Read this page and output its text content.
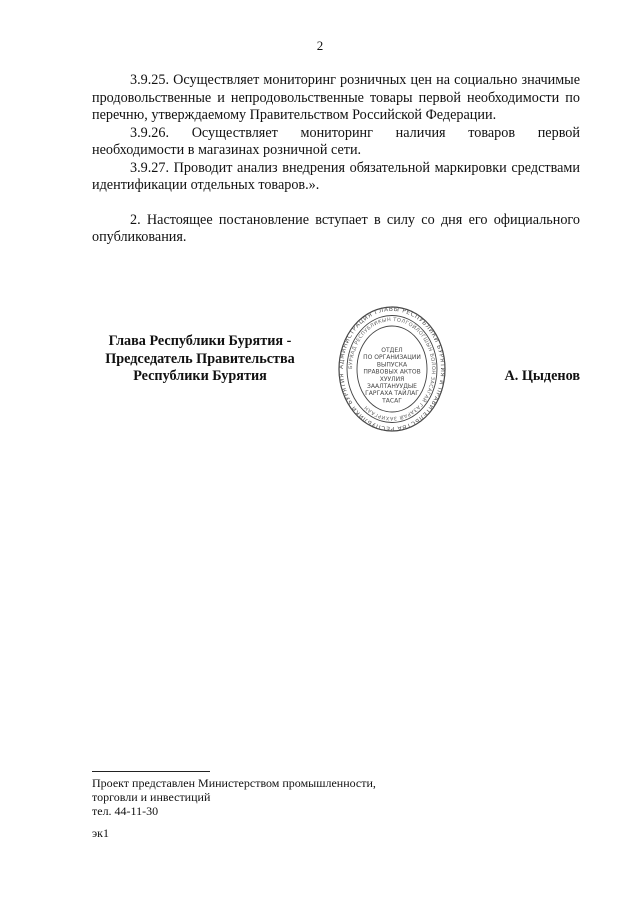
2

3.9.25. Осуществляет мониторинг розничных цен на социально значимые продовольственные и непродовольственные товары первой необходимости по перечню, утверждаемому Правительством Российской Федерации.

3.9.26. Осуществляет мониторинг наличия товаров первой необходимости в магазинах розничной сети.

3.9.27. Проводит анализ внедрения обязательной маркировки средствами идентификации отдельных товаров.».

2. Настоящее постановление вступает в силу со дня его официального опубликования.

Глава Республики Бурятия -
Председатель Правительства
Республики Бурятия
АДМИНИСТРАЦИЯ ГЛАВЫ РЕСПУБЛИКИ БУРЯТИЯ И ПРАВИТЕЛЬСТВА РЕСПУБЛИКИ БУРЯТИЯ
БУРЯАД РЕСПУБЛИКЫН ТОЛГОЙЛОГШЫН БОЛОН ЗАСАГАЙ ГАЗАРАЙ ЗАХИРГААН
ОТДЕЛ
ПО ОРГАНИЗАЦИИ
ВЫПУСКА
ПРАВОВЫХ АКТОВ
ХУУЛИЯ
ЗААЛТАНУУДЫЕ
ГАРГАХА ТАЙЛАГ
ТАСАГ
А. Цыденов
Проект представлен Министерством промышленности,
торговли и инвестиций
тел. 44-11-30
эк1
